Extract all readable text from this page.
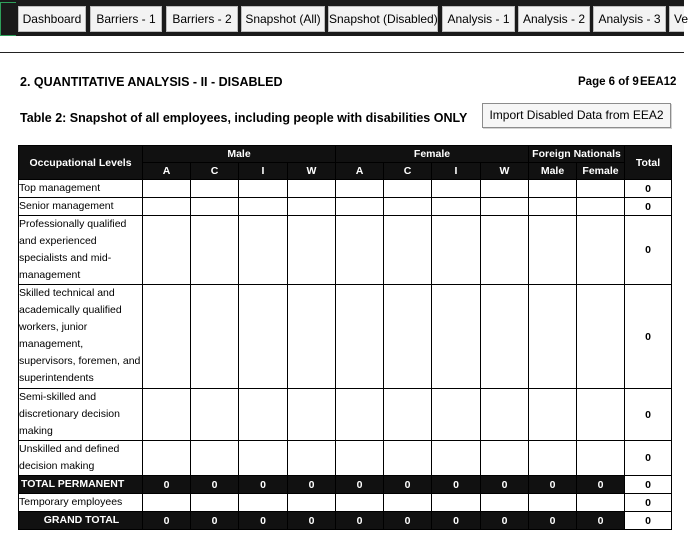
Dashboard	Barriers - 1	Barriers - 2	Snapshot (All) Snapshot (Disabled) Analysis - 1	Analysis - 2	Analysis - 3	Ve
2. QUANTITATIVE ANALYSIS - II - DISABLED	Page 6 of 9 EEA12
Table 2: Snapshot of all employees, including people with disabilities ONLY	Import Disabled Data from EEA2
Occupational Levels	Male				Female				Foreign Nationals		Total
	A	C	I	W	A	C	I	W	Male	Female	
Top management											0
Senior management											0
Professionally qualified and experienced specialists and mid-management											0
Skilled technical and academically qualified workers, junior management, supervisors, foremen, and superintendents											0
Semi-skilled and discretionary decision making											0
Unskilled and defined decision making											0
TOTAL PERMANENT	0	0	0	0	0	0	0	0	0	0	0
Temporary employees											0
GRAND TOTAL	0	0	0	0	0	0	0	0	0	0	0
